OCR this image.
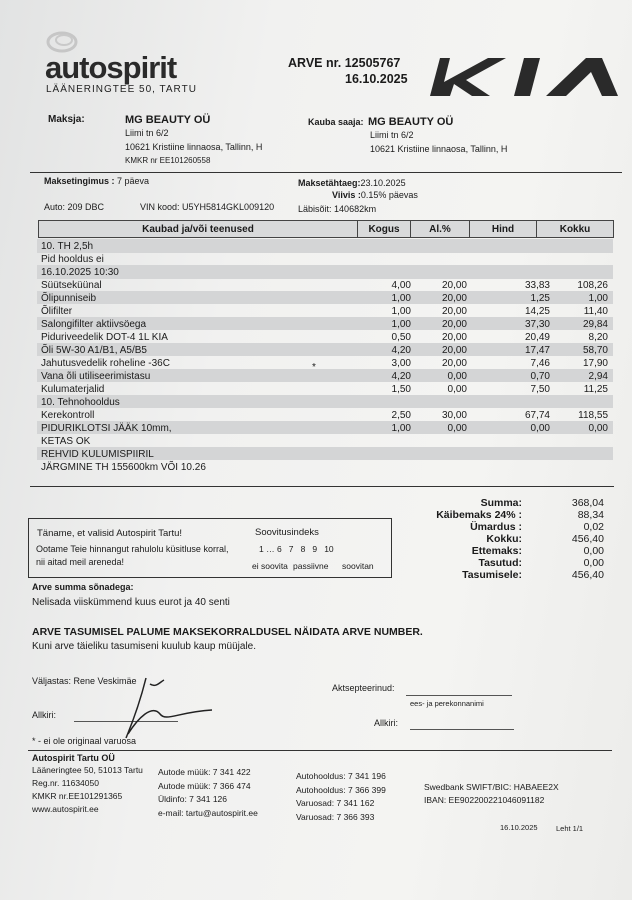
autospirit
LÄÄNERINGTEE 50, TARTU
ARVE nr. 12505767
16.10.2025
Maksja:	MG BEAUTY OÜ
Liimi tn 6/2
10621 Kristiine linnaosa, Tallinn, H
KMKR nr EE101260558
Kauba saaja: MG BEAUTY OÜ
Liimi tn 6/2
10621 Kristiine linnaosa, Tallinn, H
Maksetingimus : 7 päeva	Maksetähtaeg:23.10.2025
Viivis :0.15% päevas
Auto: 209 DBC	VIN kood: U5YH5814GKL009120	Läbisõit: 140682km
Kaubad ja/või teenused	Kogus	Al.%	Hind	Kokku
10. TH 2,5h
Pid hooldus ei
16.10.2025 10:30
Süütseküünal	4,00	20,00	33,83	108,26
Õlipunniseib	1,00	20,00	1,25	1,00
Õlifilter	1,00	20,00	14,25	11,40
Salongifilter aktiivsöega	1,00	20,00	37,30	29,84
Piduriveedelik DOT-4 1L KIA	0,50	20,00	20,49	8,20
Õli 5W-30 A1/B1, A5/B5	4,20	20,00	17,47	58,70
Jahutusvedelik roheline -36C	3,00	20,00	7,46	17,90
Vana õli utiliseerimistasu	4,20	0,00	0,70	2,94
Kulumaterjalid	1,50	0,00	7,50	11,25
10. Tehnohooldus
Kerekontroll	2,50	30,00	67,74	118,55
PIDURIKLOTSI JÄÄK 10mm,	1,00	0,00	0,00	0,00
KETAS OK
REHVID KULUMISPIIRIL
JÄRGMINE TH 155600km VÕI 10.26
*
Summa:	368,04
Käibemaks 24% :	88,34
Ümardus :	0,02
Kokku:	456,40
Ettemaks:	0,00
Tasutud:	0,00
Tasumisele:	456,40
Täname, et valisid Autospirit Tartu!
Ootame Teie hinnangut rahulolu küsitluse korral,
nii aitad meil areneda!
Soovitusindeks
1 … 6   7   8   9   10
ei soovita passiivne soovitan
Arve summa sõnadega:
Nelisada viiskümmend kuus eurot ja 40 senti
ARVE TASUMISEL PALUME MAKSEKORRALDUSEL NÄIDATA ARVE NUMBER.
Kuni arve täieliku tasumiseni kuulub kaup müüjale.
Väljastas: Rene Veskimäe
Allkiri:
Aktseptееrinud:
ees- ja perekonnanimi
Allkiri:
* - ei ole originaal varuosa
Autospirit Tartu OÜ
Lääneringtee 50, 51013 Tartu
Reg.nr. 11634050
KMKR nr.EE101291365
www.autospirit.ee
Autode müük: 7 341 422
Autode müük: 7 366 474
Üldinfo: 7 341 126
e-mail: tartu@autospirit.ee
Autohooldus: 7 341 196
Autohooldus: 7 366 399
Varuosad: 7 341 162
Varuosad: 7 366 393
Swedbank SWIFT/BIC: HABAEE2X
IBAN: EE902200221046091182
16.10.2025 Leht 1/1
